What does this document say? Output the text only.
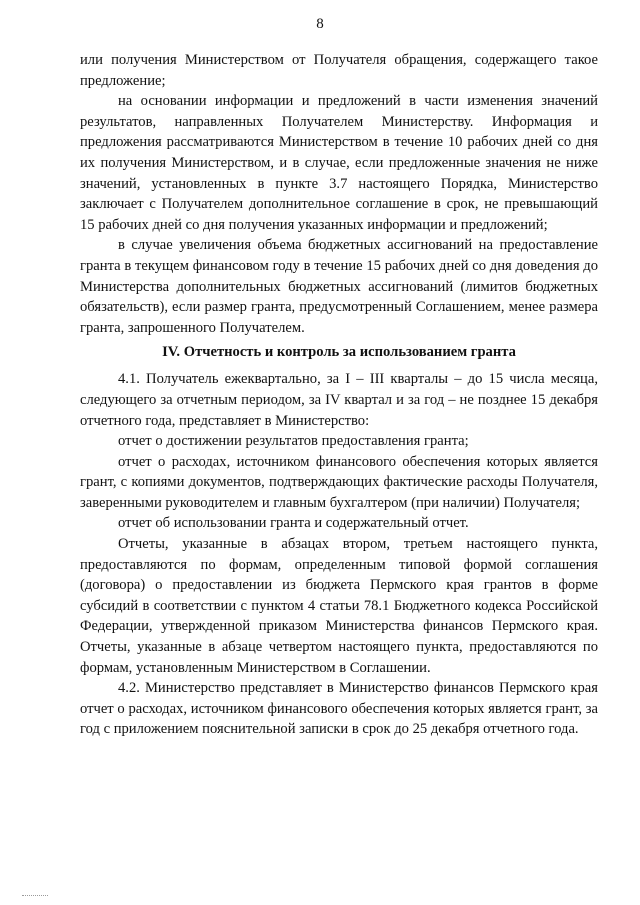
8

или получения Министерством от Получателя обращения, содержащего такое предложение;

на основании информации и предложений в части изменения значений результатов, направленных Получателем Министерству. Информация и предложения рассматриваются Министерством в течение 10 рабочих дней со дня их получения Министерством, и в случае, если предложенные значения не ниже значений, установленных в пункте 3.7 настоящего Порядка, Министерство заключает с Получателем дополнительное соглашение в срок, не превышающий 15 рабочих дней со дня получения указанных информации и предложений;

в случае увеличения объема бюджетных ассигнований на предоставление гранта в текущем финансовом году в течение 15 рабочих дней со дня доведения до Министерства дополнительных бюджетных ассигнований (лимитов бюджетных обязательств), если размер гранта, предусмотренный Соглашением, менее размера гранта, запрошенного Получателем.

IV. Отчетность и контроль за использованием гранта

4.1. Получатель ежеквартально, за I – III кварталы – до 15 числа месяца, следующего за отчетным периодом, за IV квартал и за год – не позднее 15 декабря отчетного года, представляет в Министерство:

отчет о достижении результатов предоставления гранта;

отчет о расходах, источником финансового обеспечения которых является грант, с копиями документов, подтверждающих фактические расходы Получателя, заверенными руководителем и главным бухгалтером (при наличии) Получателя;

отчет об использовании гранта и содержательный отчет.

Отчеты, указанные в абзацах втором, третьем настоящего пункта, предоставляются по формам, определенным типовой формой соглашения (договора) о предоставлении из бюджета Пермского края грантов в форме субсидий в соответствии с пунктом 4 статьи 78.1 Бюджетного кодекса Российской Федерации, утвержденной приказом Министерства финансов Пермского края. Отчеты, указанные в абзаце четвертом настоящего пункта, предоставляются по формам, установленным Министерством в Соглашении.

4.2. Министерство представляет в Министерство финансов Пермского края отчет о расходах, источником финансового обеспечения которых является грант, за год с приложением пояснительной записки в срок до 25 декабря отчетного года.
